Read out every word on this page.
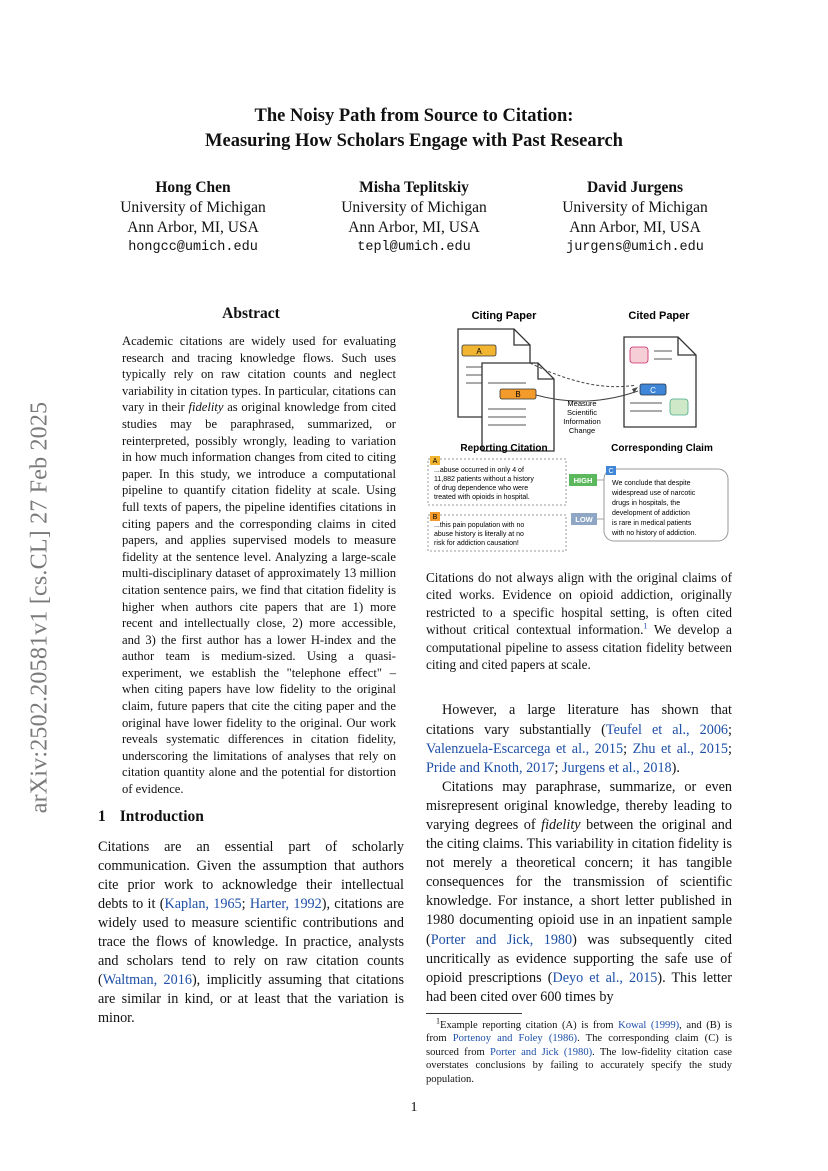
arXiv:2502.20581v1 [cs.CL] 27 Feb 2025
The Noisy Path from Source to Citation:
Measuring How Scholars Engage with Past Research
Hong Chen
University of Michigan
Ann Arbor, MI, USA
hongcc@umich.edu
Misha Teplitskiy
University of Michigan
Ann Arbor, MI, USA
tepl@umich.edu
David Jurgens
University of Michigan
Ann Arbor, MI, USA
jurgens@umich.edu
Abstract
Academic citations are widely used for evaluating research and tracing knowledge flows. Such uses typically rely on raw citation counts and neglect variability in citation types. In particular, citations can vary in their fidelity as original knowledge from cited studies may be paraphrased, summarized, or reinterpreted, possibly wrongly, leading to variation in how much information changes from cited to citing paper. In this study, we introduce a computational pipeline to quantify citation fidelity at scale. Using full texts of papers, the pipeline identifies citations in citing papers and the corresponding claims in cited papers, and applies supervised models to measure fidelity at the sentence level. Analyzing a large-scale multi-disciplinary dataset of approximately 13 million citation sentence pairs, we find that citation fidelity is higher when authors cite papers that are 1) more recent and intellectually close, 2) more accessible, and 3) the first author has a lower H-index and the author team is medium-sized. Using a quasi-experiment, we establish the "telephone effect" – when citing papers have low fidelity to the original claim, future papers that cite the citing paper and the original have lower fidelity to the original. Our work reveals systematic differences in citation fidelity, underscoring the limitations of analyses that rely on citation quantity alone and the potential for distortion of evidence.
1 Introduction
Citations are an essential part of scholarly communication. Given the assumption that authors cite prior work to acknowledge their intellectual debts to it (Kaplan, 1965; Harter, 1992), citations are widely used to measure scientific contributions and trace the flows of knowledge. In practice, analysts and scholars tend to rely on raw citation counts (Waltman, 2016), implicitly assuming that citations are similar in kind, or at least that the variation is minor.
Citing Paper	Cited Paper
A
B	C
Measure
Scientific
Information
Change
Reporting Citation	Corresponding Claim
A
...abuse occurred in only 4 of
11,882 patients without a history
of drug dependence who were
treated with opioids in hospital.
B
...this pain population with no
abuse history is literally at no
risk for addiction causation!
HIGH
LOW
C
We conclude that despite
widespread use of narcotic
drugs in hospitals, the
development of addiction
is rare in medical patients
with no history of addiction.
Citations do not always align with the original claims of cited works. Evidence on opioid addiction, originally restricted to a specific hospital setting, is often cited without critical contextual information.$^1$ We develop a computational pipeline to assess citation fidelity between citing and cited papers at scale.
However, a large literature has shown that citations vary substantially (Teufel et al., 2006; Valenzuela-Escarcega et al., 2015; Zhu et al., 2015; Pride and Knoth, 2017; Jurgens et al., 2018).
Citations may paraphrase, summarize, or even misrepresent original knowledge, thereby leading to varying degrees of fidelity between the original and the citing claims. This variability in citation fidelity is not merely a theoretical concern; it has tangible consequences for the transmission of scientific knowledge. For instance, a short letter published in 1980 documenting opioid use in an inpatient sample (Porter and Jick, 1980) was subsequently cited uncritically as evidence supporting the safe use of opioid prescriptions (Deyo et al., 2015). This letter had been cited over 600 times by
$^1$Example reporting citation (A) is from Kowal (1999), and (B) is from Portenoy and Foley (1986). The corresponding claim (C) is sourced from Porter and Jick (1980). The low-fidelity citation case overstates conclusions by failing to accurately specify the study population.
1
